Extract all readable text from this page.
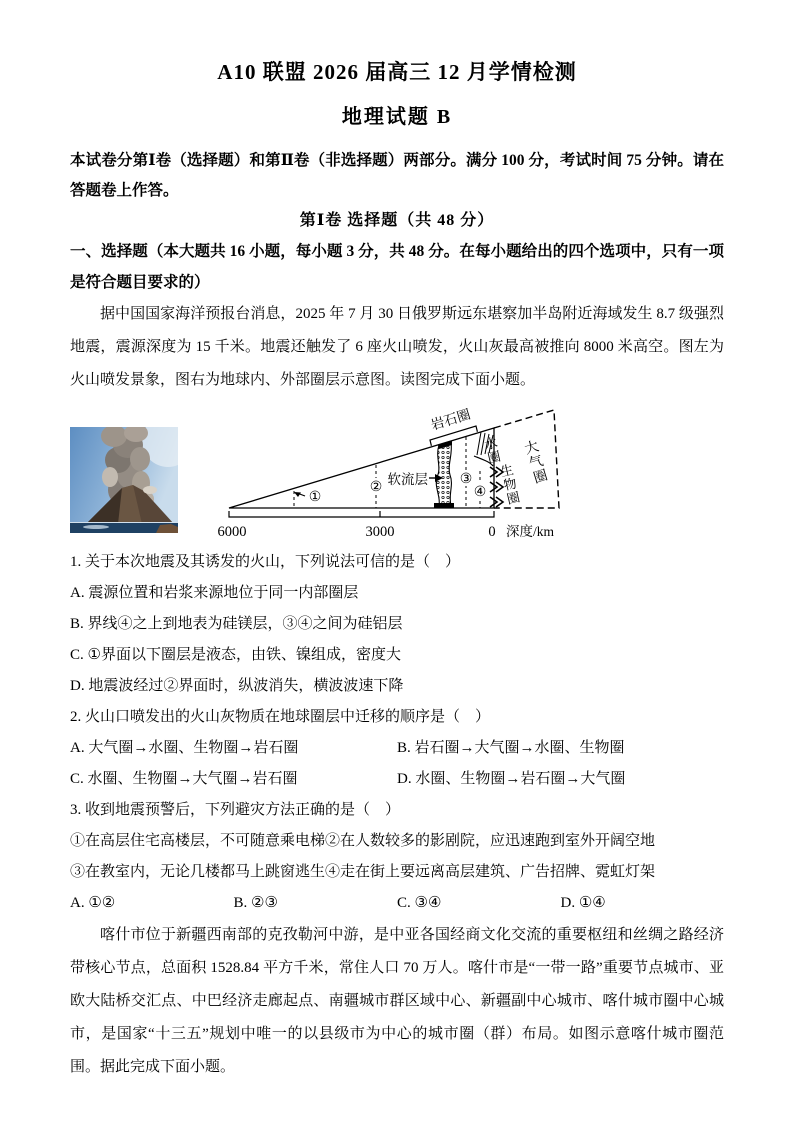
A10 联盟 2026 届高三 12 月学情检测
地理试题 B

本试卷分第Ⅰ卷（选择题）和第Ⅱ卷（非选择题）两部分。满分 100 分，考试时间 75 分钟。请在答题卷上作答。

第Ⅰ卷 选择题（共 48 分）

一、选择题（本大题共 16 小题，每小题 3 分，共 48 分。在每小题给出的四个选项中，只有一项是符合题目要求的）

据中国国家海洋预报台消息，2025 年 7 月 30 日俄罗斯远东堪察加半岛附近海域发生 8.7 级强烈地震，震源深度为 15 千米。地震还触发了 6 座火山喷发，火山灰最高被推向 8000 米高空。图左为火山喷发景象，图右为地球内、外部圈层示意图。读图完成下面小题。

①
②
软流层 ③
④
岩石圈
水圈
生物圈
大气圈
6000	3000	0 深度/km
1. 关于本次地震及其诱发的火山，下列说法可信的是（　）
A. 震源位置和岩浆来源地位于同一内部圈层
B. 界线④之上到地表为硅镁层，③④之间为硅铝层
C. ①界面以下圈层是液态，由铁、镍组成，密度大
D. 地震波经过②界面时，纵波消失，横波波速下降
2. 火山口喷发出的火山灰物质在地球圈层中迁移的顺序是（　）
A. 大气圈→水圈、生物圈→岩石圈	B. 岩石圈→大气圈→水圈、生物圈
C. 水圈、生物圈→大气圈→岩石圈	D. 水圈、生物圈→岩石圈→大气圈
3. 收到地震预警后，下列避灾方法正确的是（　）
①在高层住宅高楼层，不可随意乘电梯②在人数较多的影剧院，应迅速跑到室外开阔空地
③在教室内，无论几楼都马上跳窗逃生④走在街上要远离高层建筑、广告招牌、霓虹灯架
A. ①②	B. ②③	C. ③④	D. ①④

喀什市位于新疆西南部的克孜勒河中游，是中亚各国经商文化交流的重要枢纽和丝绸之路经济带核心节点，总面积 1528.84 平方千米，常住人口 70 万人。喀什市是“一带一路”重要节点城市、亚欧大陆桥交汇点、中巴经济走廊起点、南疆城市群区域中心、新疆副中心城市、喀什城市圈中心城市，是国家“十三五”规划中唯一的以县级市为中心的城市圈（群）布局。如图示意喀什城市圈范围。据此完成下面小题。
